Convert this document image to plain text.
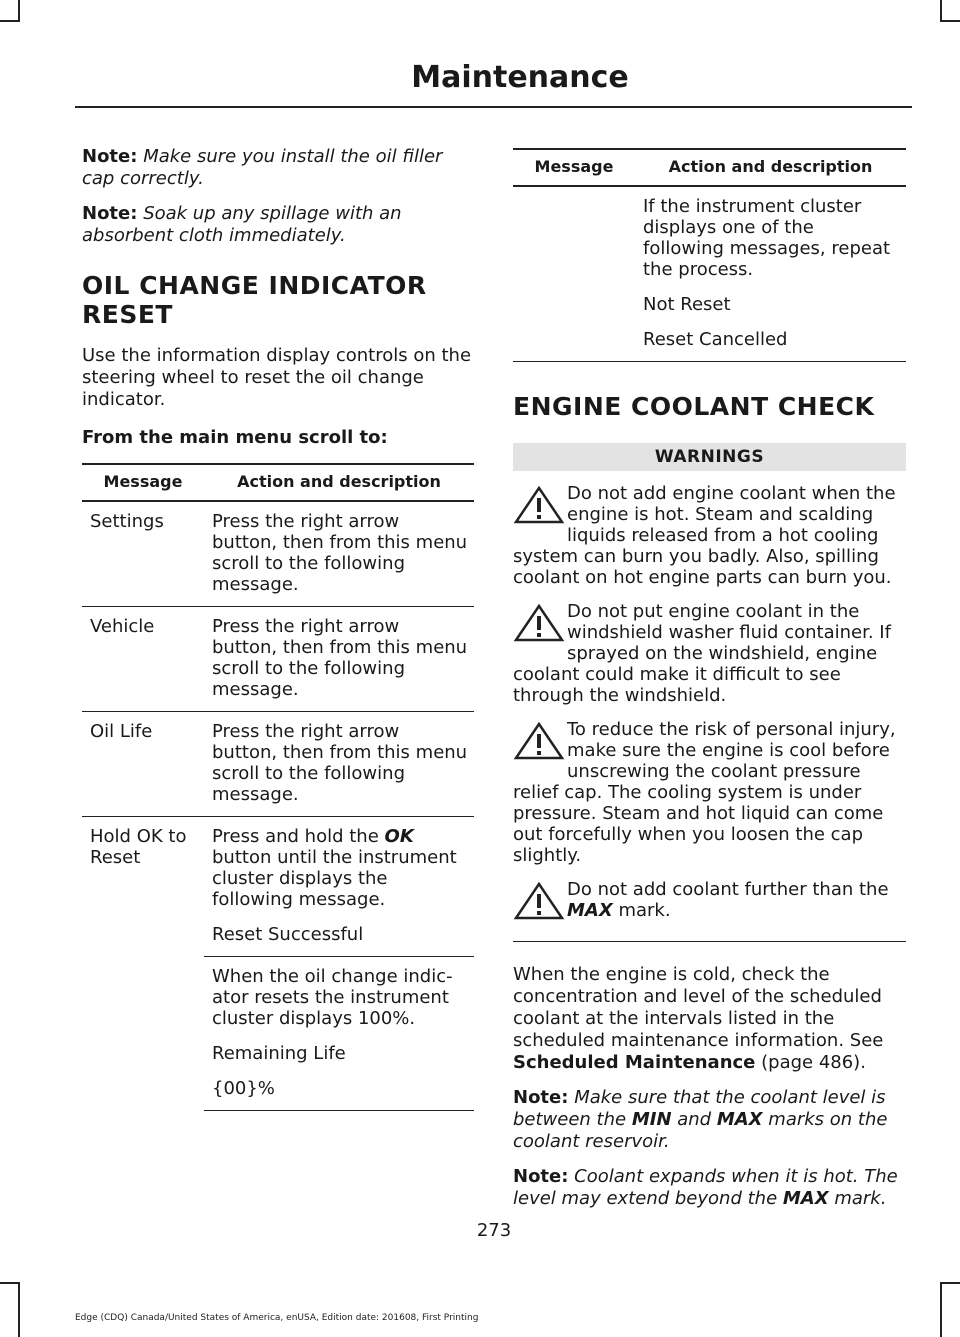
Maintenance

Note: Make sure you install the oil filler cap correctly.

Note: Soak up any spillage with an absorbent cloth immediately.

OIL CHANGE INDICATOR
RESET

Use the information display controls on the steering wheel to reset the oil change indicator.

From the main menu scroll to:

Message	Action and description
Settings	Press the right arrow button, then from this menu scroll to the following message.
Vehicle	Press the right arrow button, then from this menu scroll to the following message.
Oil Life	Press the right arrow button, then from this menu scroll to the following message.
Hold OK to Reset	Press and hold the OK button until the instrument cluster displays the following message.
Reset Successful

	When the oil change indic-ator resets the instrument cluster displays 100%.
Remaining Life
{00}%
Message	Action and description

	If the instrument cluster displays one of the following messages, repeat the process.
Not Reset
Reset Cancelled
ENGINE COOLANT CHECK
WARNINGS
Do not add engine coolant when the engine is hot. Steam and scalding liquids released from a hot cooling system can burn you badly. Also, spilling coolant on hot engine parts can burn you.
Do not put engine coolant in the windshield washer fluid container. If sprayed on the windshield, engine coolant could make it difficult to see through the windshield.
To reduce the risk of personal injury, make sure the engine is cool before unscrewing the coolant pressure relief cap. The cooling system is under pressure. Steam and hot liquid can come out forcefully when you loosen the cap slightly.
Do not add coolant further than the MAX mark.

When the engine is cold, check the concentration and level of the scheduled coolant at the intervals listed in the scheduled maintenance information. See Scheduled Maintenance (page 486).

Note: Make sure that the coolant level is between the MIN and MAX marks on the coolant reservoir.

Note: Coolant expands when it is hot. The level may extend beyond the MAX mark.

273
Edge (CDQ) Canada/United States of America, enUSA, Edition date: 201608, First Printing
